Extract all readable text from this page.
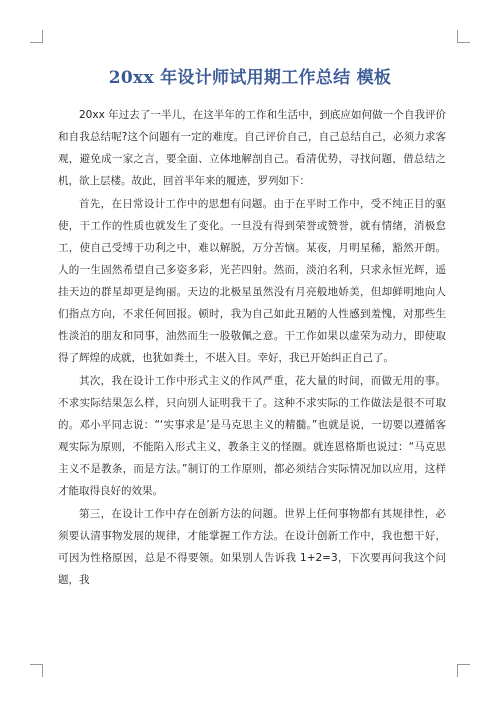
20xx 年设计师试用期工作总结 模板

20xx 年过去了一半儿，在这半年的工作和生活中，到底应如何做一个自我评价和自我总结呢?这个问题有一定的难度。自己评价自己，自己总结自己，必须力求客观，避免成一家之言，要全面、立体地解剖自己。看清优势，寻找问题，借总结之机，欲上层楼。故此，回首半年来的履迹，罗列如下：

首先，在日常设计工作中的思想有问题。由于在平时工作中，受不纯正目的驱使，干工作的性质也就发生了变化。一旦没有得到荣誉或赞誉，就有情绪，消极怠工，使自己受缚于功利之中，难以解脱，万分苦恼。某夜，月明星稀，豁然开朗。人的一生固然希望自己多姿多彩，光芒四射。然而，淡泊名利，只求永恒光辉，遥挂天边的群星却更是绚丽。天边的北极星虽然没有月亮般地娇美，但却鲜明地向人们指点方向，不求任何回报。顿时，我为自己如此丑陋的人性感到羞愧，对那些生性淡泊的朋友和同事，油然而生一股敬佩之意。干工作如果以虚荣为动力，即使取得了辉煌的成就，也犹如粪土，不堪入目。幸好，我已开始纠正自己了。

其次，我在设计工作中形式主义的作风严重，花大量的时间，而做无用的事。不求实际结果怎么样，只向别人证明我干了。这种不求实际的工作做法是很不可取的。邓小平同志说：“‘实事求是’是马克思主义的精髓。”也就是说，一切要以遵循客观实际为原则，不能陷入形式主义，教条主义的怪圈。就连恩格斯也说过：“马克思主义不是教条，而是方法。”制订的工作原则，都必须结合实际情况加以应用，这样才能取得良好的效果。

第三，在设计工作中存在创新方法的问题。世界上任何事物都有其规律性，必须要认清事物发展的规律，才能掌握工作方法。在设计创新工作中，我也想干好，可因为性格原因，总是不得要领。如果别人告诉我 1+2=3，下次要再问我这个问题，我
